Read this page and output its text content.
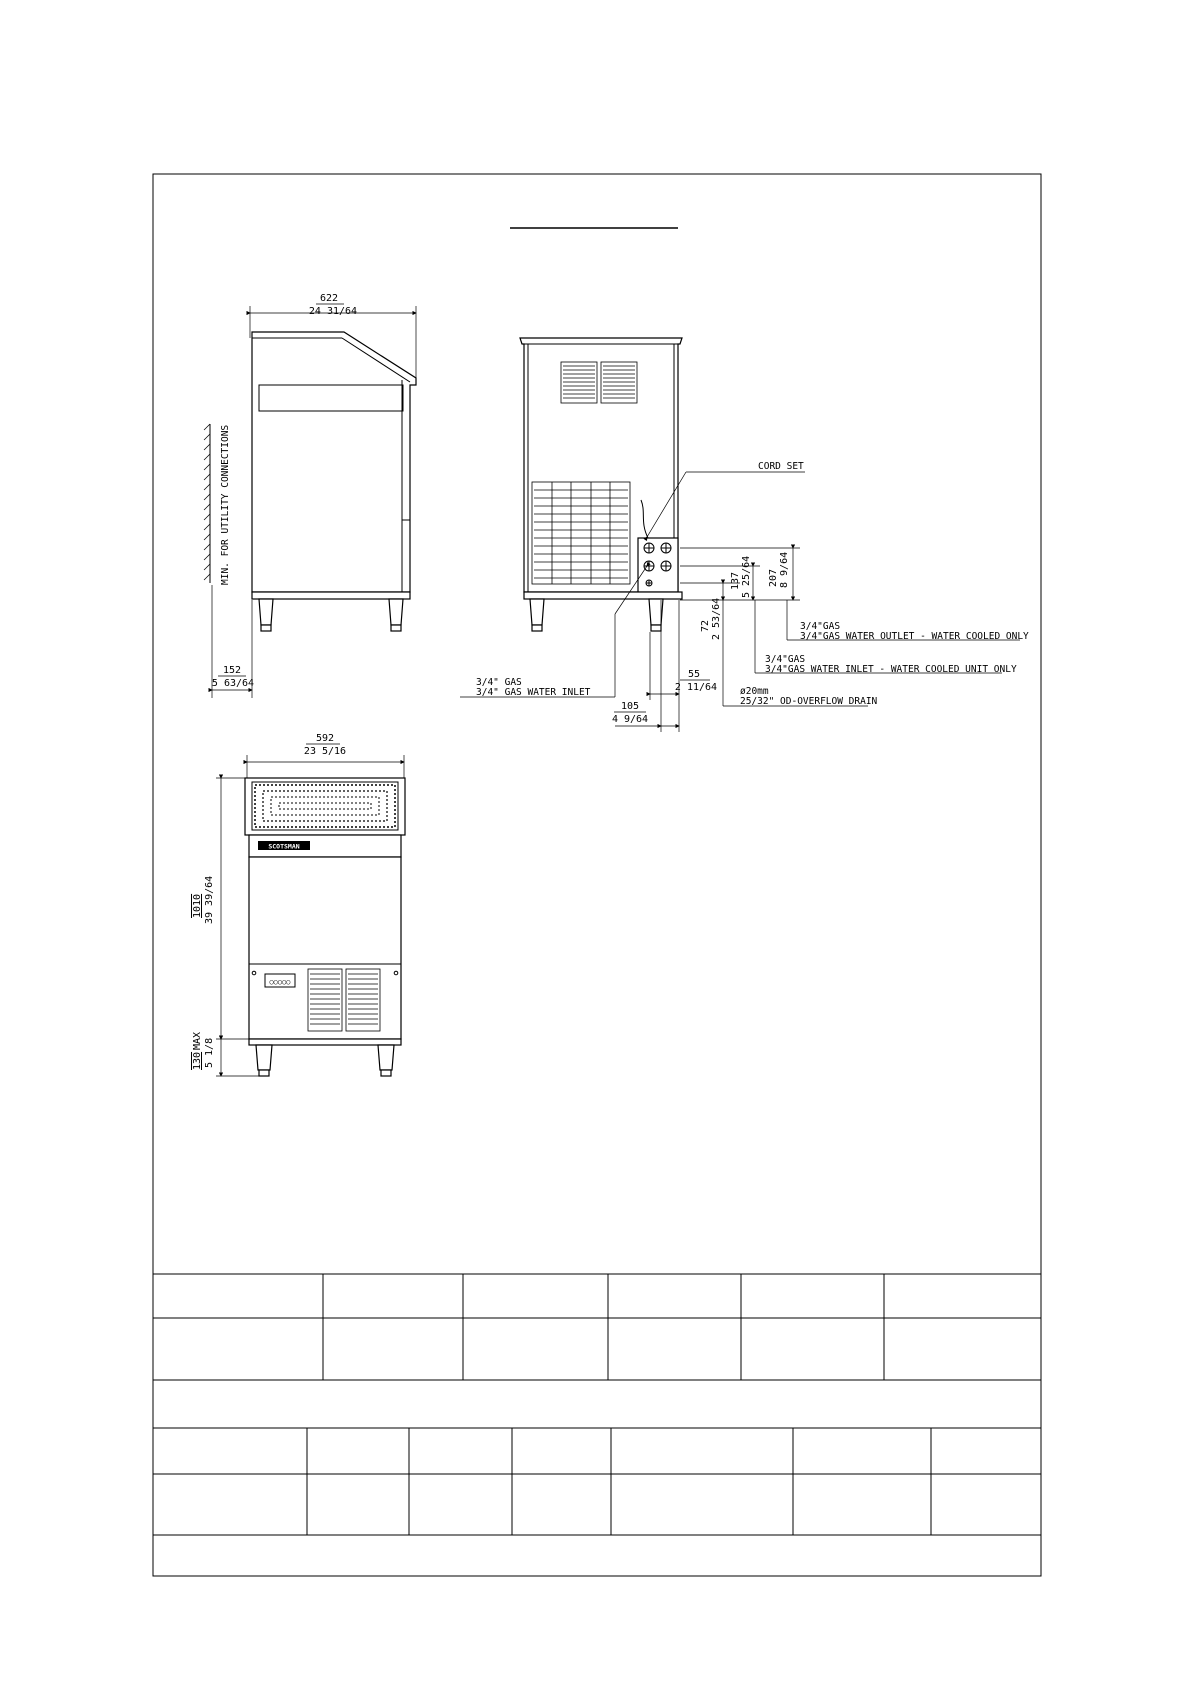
622
24 31/64
MIN. FOR UTILITY CONNECTIONS
152
5 63/64
CORD SET
207 8 9/64
137 5 25/64
72 2 53/64	3/4"GAS
3/4"GAS WATER OUTLET - WATER COOLED ONLY
3/4"GAS
3/4"GAS WATER INLET - WATER COOLED UNIT ONLY
ø20mm
25/32" OD-OVERFLOW DRAIN
3/4" GAS
3/4" GAS WATER INLET
55
2 11/64
105
4 9/64
592
23 5/16
SCOTSMAN
○○○○○
1010 39 39/64
130
MAX 5 1/8
